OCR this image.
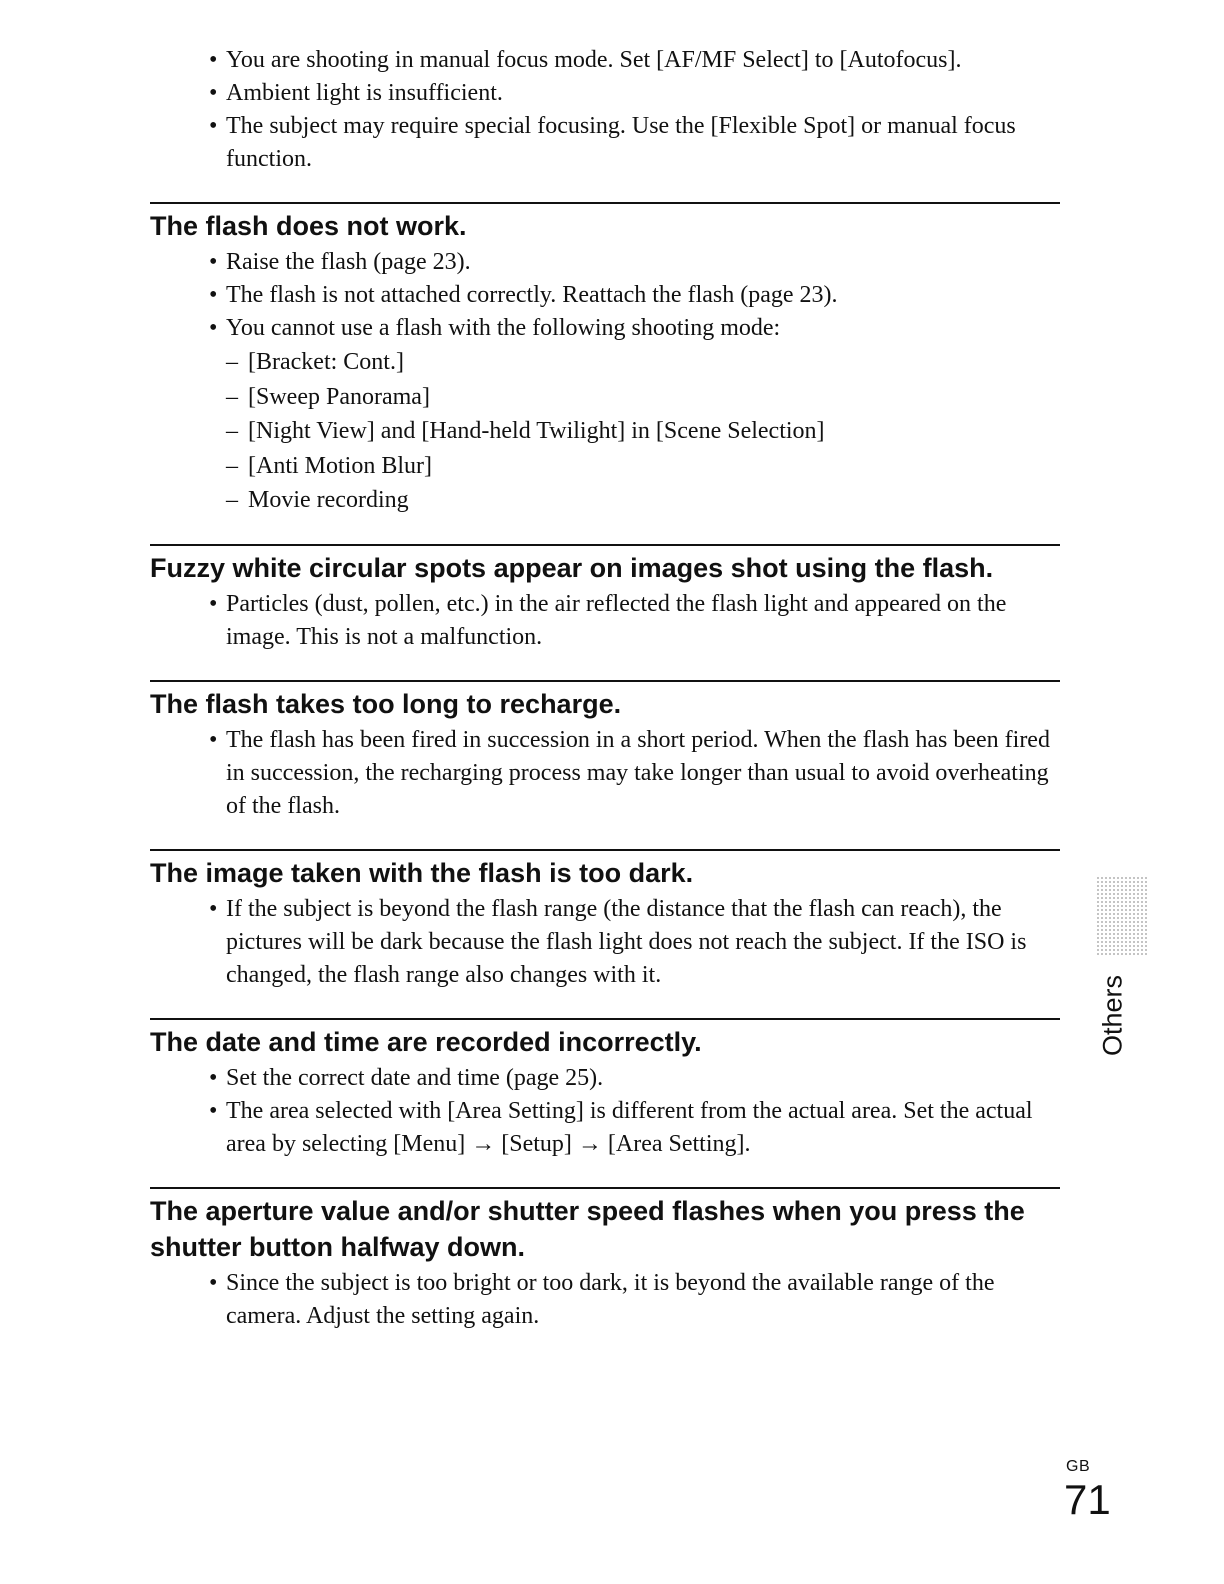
• You are shooting in manual focus mode. Set [AF/MF Select] to [Autofocus].
• Ambient light is insufficient.
• The subject may require special focusing. Use the [Flexible Spot] or manual focus function.
The flash does not work.
• Raise the flash (page 23).
• The flash is not attached correctly. Reattach the flash (page 23).
• You cannot use a flash with the following shooting mode:
– [Bracket: Cont.]
– [Sweep Panorama]
– [Night View] and [Hand-held Twilight] in [Scene Selection]
– [Anti Motion Blur]
– Movie recording
Fuzzy white circular spots appear on images shot using the flash.
• Particles (dust, pollen, etc.) in the air reflected the flash light and appeared on the image. This is not a malfunction.
The flash takes too long to recharge.
• The flash has been fired in succession in a short period. When the flash has been fired in succession, the recharging process may take longer than usual to avoid overheating of the flash.
The image taken with the flash is too dark.
• If the subject is beyond the flash range (the distance that the flash can reach), the pictures will be dark because the flash light does not reach the subject. If the ISO is changed, the flash range also changes with it.
The date and time are recorded incorrectly.
• Set the correct date and time (page 25).
• The area selected with [Area Setting] is different from the actual area. Set the actual area by selecting [Menu] → [Setup] → [Area Setting].
The aperture value and/or shutter speed flashes when you press the shutter button halfway down.
• Since the subject is too bright or too dark, it is beyond the available range of the camera. Adjust the setting again.
Others
GB
71
